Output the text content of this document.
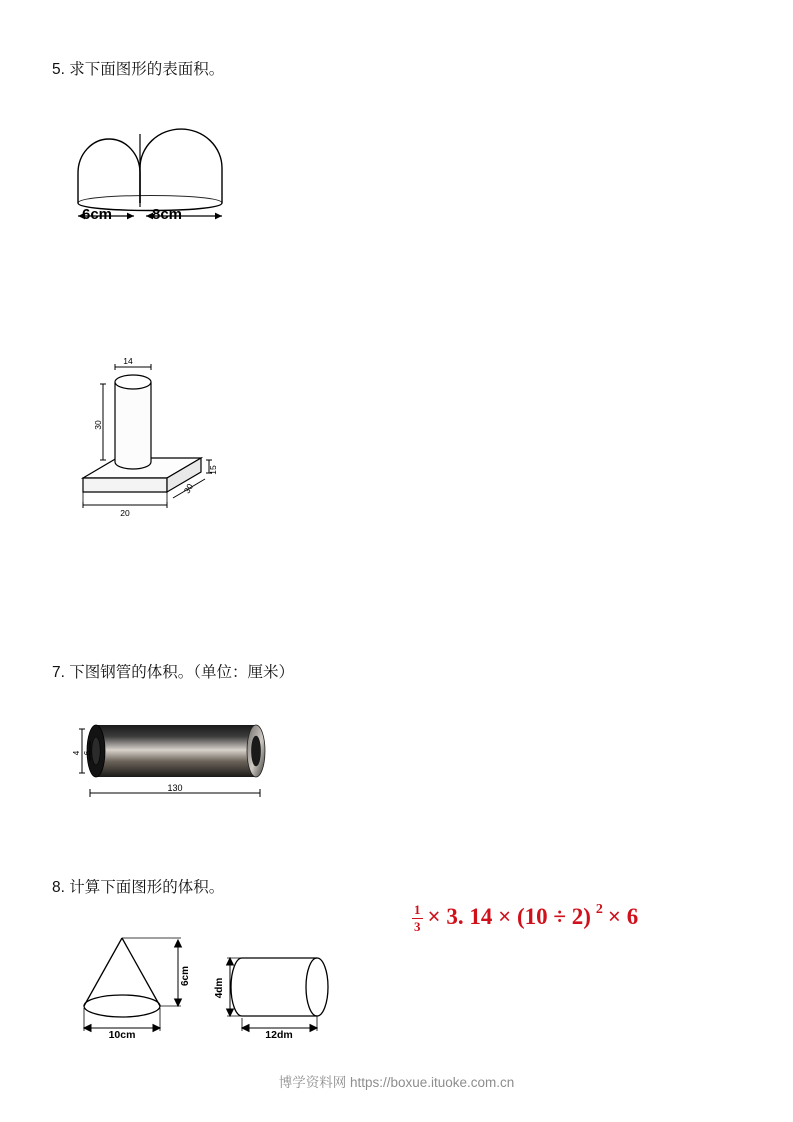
5. 求下面图形的表面积。
6cm	8cm
14
30
15
30
20
7. 下图钢管的体积。（单位：厘米）
4 6
130
8. 计算下面图形的体积。
$\frac{1}{3} \times 3$. 14 × (10 ÷ 2) 2 × 6
6cm
10cm
4dm
12dm
博学资料网 https://boxue.ituoke.com.cn
